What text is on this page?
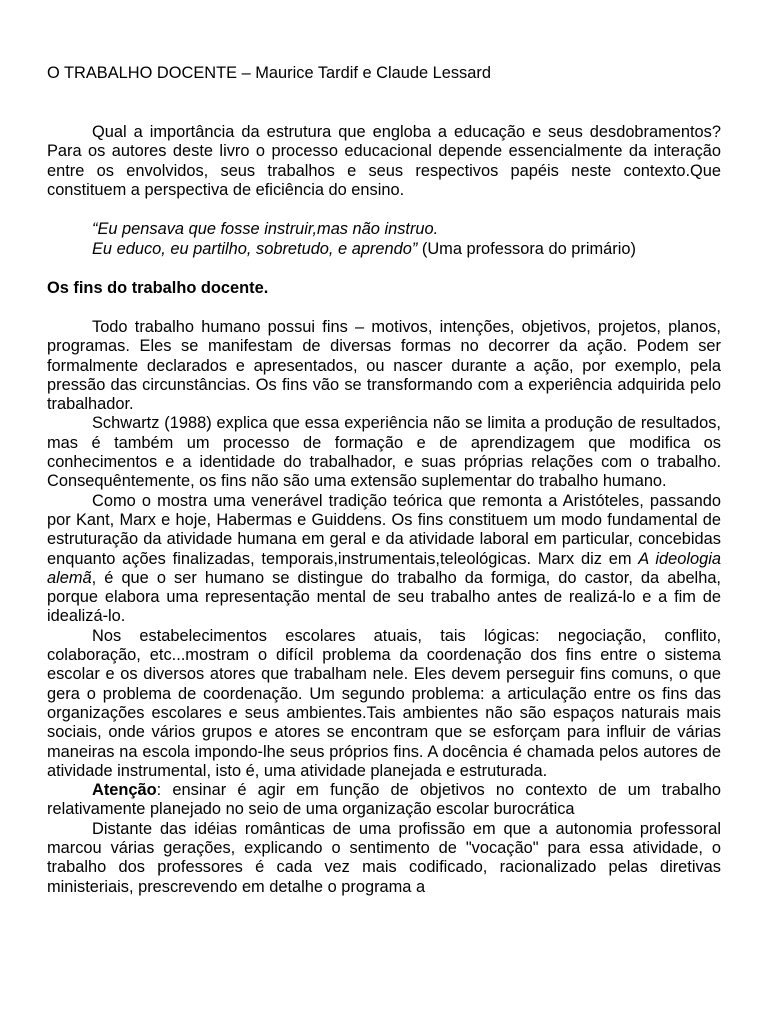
O TRABALHO DOCENTE – Maurice Tardif e Claude Lessard
Qual a importância da estrutura que engloba a educação e seus desdobramentos?Para os autores deste livro o processo educacional depende essencialmente da interação entre os envolvidos, seus trabalhos e seus respectivos papéis neste contexto.Que constituem a perspectiva de eficiência do ensino.
“Eu pensava que fosse instruir,mas não instruo.
Eu educo, eu partilho, sobretudo, e aprendo” (Uma professora do primário)
Os fins do trabalho docente.

Todo trabalho humano possui fins – motivos, intenções, objetivos, projetos, planos, programas. Eles se manifestam de diversas formas no decorrer da ação. Podem ser formalmente declarados e apresentados, ou nascer durante a ação, por exemplo, pela pressão das circunstâncias. Os fins vão se transformando com a experiência adquirida pelo trabalhador.

Schwartz (1988) explica que essa experiência não se limita a produção de resultados, mas é também um processo de formação e de aprendizagem que modifica os conhecimentos e a identidade do trabalhador, e suas próprias relações com o trabalho. Consequêntemente, os fins não são uma extensão suplementar do trabalho humano.

Como o mostra uma venerável tradição teórica que remonta a Aristóteles, passando por Kant, Marx e hoje, Habermas e Guiddens. Os fins constituem um modo fundamental de estruturação da atividade humana em geral e da atividade laboral em particular, concebidas enquanto ações finalizadas, temporais,instrumentais,teleológicas. Marx diz em A ideologia alemã, é que o ser humano se distingue do trabalho da formiga, do castor, da abelha, porque elabora uma representação mental de seu trabalho antes de realizá-lo e a fim de idealizá-lo.

Nos estabelecimentos escolares atuais, tais lógicas: negociação, conflito, colaboração, etc...mostram o difícil problema da coordenação dos fins entre o sistema escolar e os diversos atores que trabalham nele. Eles devem perseguir fins comuns, o que gera o problema de coordenação. Um segundo problema: a articulação entre os fins das organizações escolares e seus ambientes.Tais ambientes não são espaços naturais mais sociais, onde vários grupos e atores se encontram que se esforçam para influir de várias maneiras na escola impondo-lhe seus próprios fins. A docência é chamada pelos autores de atividade instrumental, isto é, uma atividade planejada e estruturada.

Atenção: ensinar é agir em função de objetivos no contexto de um trabalho relativamente planejado no seio de uma organização escolar burocrática

Distante das idéias românticas de uma profissão em que a autonomia professoral marcou várias gerações, explicando o sentimento de "vocação" para essa atividade, o trabalho dos professores é cada vez mais codificado, racionalizado pelas diretivas ministeriais, prescrevendo em detalhe o programa a
